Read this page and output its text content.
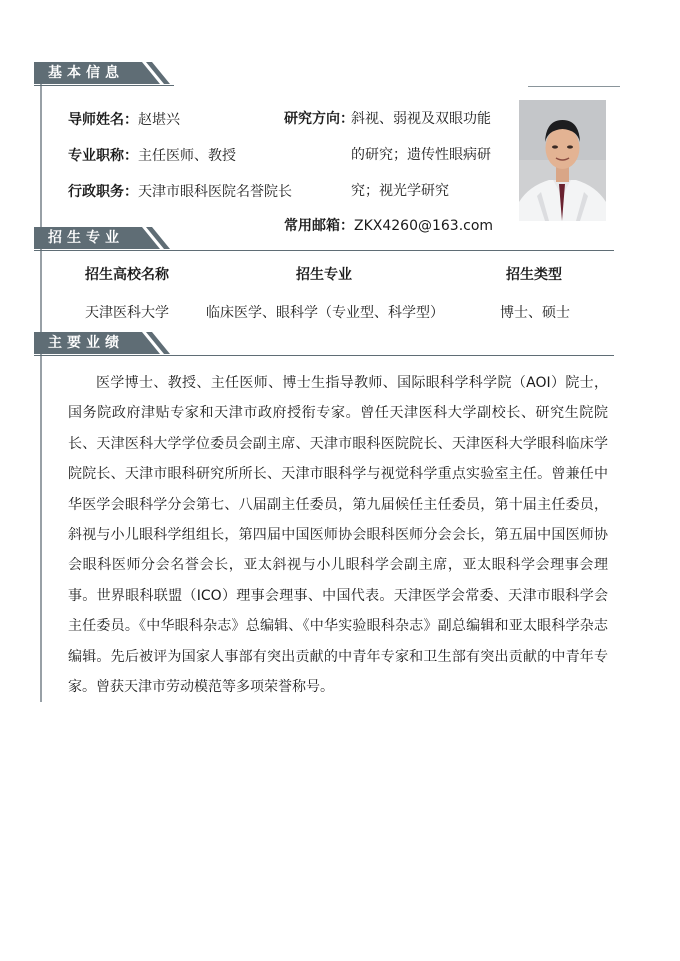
基本信息
导师姓名：赵堪兴
专业职称：主任医师、教授
行政职务：天津市眼科医院名誉院长
研究方向：
斜视、弱视及双眼功能
的研究；遗传性眼病研
究；视光学研究
常用邮箱：ZKX4260@163.com
招生专业
招生高校名称	招生专业	招生类型
天津医科大学	临床医学、眼科学（专业型、科学型）	博士、硕士
主要业绩

医学博士、教授、主任医师、博士生指导教师、国际眼科学科学院（AOI）院士，国务院政府津贴专家和天津市政府授衔专家。曾任天津医科大学副校长、研究生院院长、天津医科大学学位委员会副主席、天津市眼科医院院长、天津医科大学眼科临床学院院长、天津市眼科研究所所长、天津市眼科学与视觉科学重点实验室主任。曾兼任中华医学会眼科学分会第七、八届副主任委员，第九届候任主任委员，第十届主任委员，斜视与小儿眼科学组组长，第四届中国医师协会眼科医师分会会长，第五届中国医师协会眼科医师分会名誉会长，亚太斜视与小儿眼科学会副主席，亚太眼科学会理事会理事。世界眼科联盟（ICO）理事会理事、中国代表。天津医学会常委、天津市眼科学会主任委员。《中华眼科杂志》总编辑、《中华实验眼科杂志》副总编辑和亚太眼科学杂志编辑。先后被评为国家人事部有突出贡献的中青年专家和卫生部有突出贡献的中青年专家。曾获天津市劳动模范等多项荣誉称号。
